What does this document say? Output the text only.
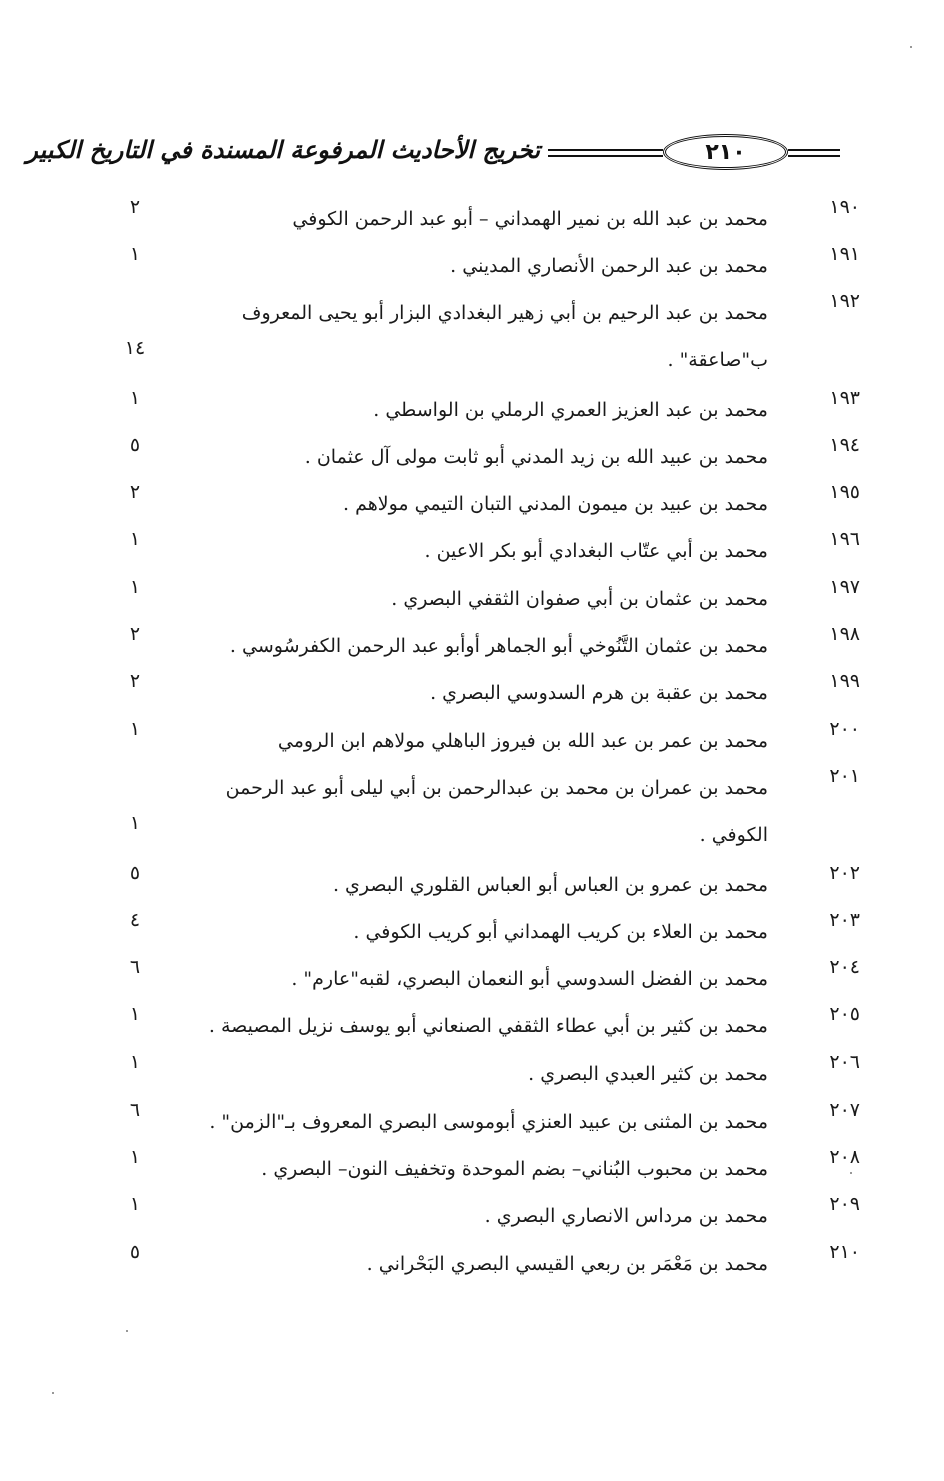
٢١٠
تخريج الأحاديث المرفوعة المسندة في التاريخ الكبير
١٩٠
محمد بن عبد الله بن نمير الهمداني – أبو عبد الرحمن الكوفي
٢
١٩١
محمد بن عبد الرحمن الأنصاري المديني .
١
١٩٢
محمد بن عبد الرحيم بن أبي زهير البغدادي البزار أبو يحيى المعروف ب"صاعقة" .
١٤
١٩٣
محمد بن عبد العزيز العمري الرملي بن الواسطي .
١
١٩٤
محمد بن عبيد الله بن زيد المدني أبو ثابت مولى آل عثمان .
٥
١٩٥
محمد بن عبيد بن ميمون المدني التبان التيمي مولاهم .
٢
١٩٦
محمد بن أبي عتّاب البغدادي أبو بكر الاعين .
١
١٩٧
محمد بن عثمان بن أبي صفوان الثقفي البصري .
١
١٩٨
محمد بن عثمان التَّنُوخي أبو الجماهر أوأبو عبد الرحمن الكفرسُوسي .
٢
١٩٩
محمد بن عقبة بن هرم السدوسي البصري .
٢
٢٠٠
محمد بن عمر بن عبد الله بن فيروز الباهلي مولاهم ابن الرومي
١
٢٠١
محمد بن عمران بن محمد بن عبدالرحمن بن أبي ليلى أبو عبد الرحمن الكوفي .
١
٢٠٢
محمد بن عمرو بن العباس أبو العباس القلوري البصري .
٥
٢٠٣
محمد بن العلاء بن كريب الهمداني أبو كريب الكوفي .
٤
٢٠٤
محمد بن الفضل السدوسي أبو النعمان البصري، لقبه"عارم" .
٦
٢٠٥
محمد بن كثير بن أبي عطاء الثقفي الصنعاني أبو يوسف نزيل المصيصة .
١
٢٠٦
محمد بن كثير العبدي البصري .
١
٢٠٧
محمد بن المثنى بن عبيد العنزي أبوموسى البصري المعروف بـ"الزمن" .
٦
٢٠٨
محمد بن محبوب البُناني– بضم الموحدة وتخفيف النون– البصري .
١
٢٠٩
محمد بن مرداس الانصاري البصري .
١
٢١٠
محمد بن مَعْمَر بن ربعي القيسي البصري البَحْراني .
٥
